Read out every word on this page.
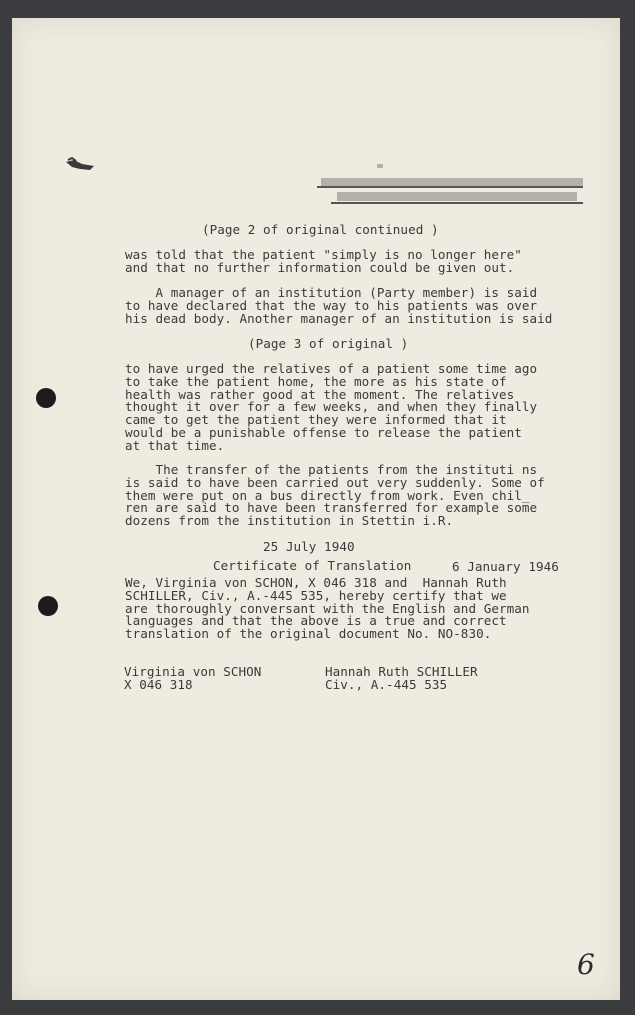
(Page 2 of original continued )

was told that the patient "simply is no longer here"

and that no further information could be given out.

A manager of an institution (Party member) is said

to have declared that the way to his patients was over

his dead body. Another manager of an institution is said

(Page 3 of original )

to have urged the relatives of a patient some time ago

to take the patient home, the more as his state of

health was rather good at the moment. The relatives

thought it over for a few weeks, and when they finally

came to get the patient they were informed that it

would be a punishable offense to release the patient

at that time.

The transfer of the patients from the instituti ns

is said to have been carried out very suddenly. Some of

them were put on a bus directly from work. Even chil_

ren are said to have been transferred for example some

dozens from the institution in Stettin i.R.

25 July 1940

Certificate of Translation	6 January 1946

We, Virginia von SCHON, X 046 318 and  Hannah Ruth

SCHILLER, Civ., A.-445 535, hereby certify that we

are thoroughly conversant with the English and German

languages and that the above is a true and correct

translation of the original document No. NO-830.

Virginia von SCHON

X 046 318

Hannah Ruth SCHILLER

Civ., A.-445 535

6
